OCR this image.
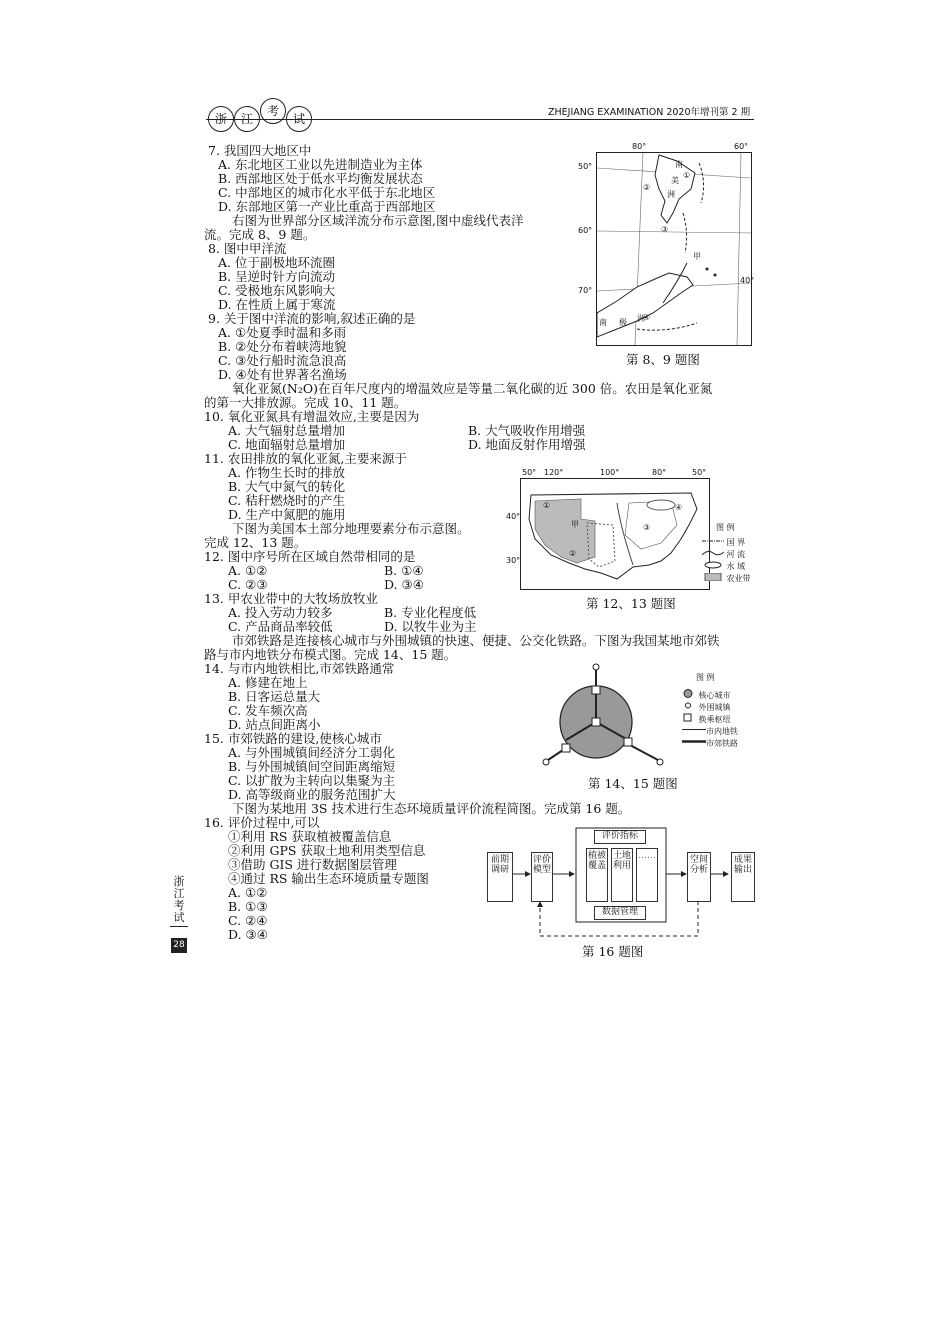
浙	江
考
试	ZHEJIANG EXAMINATION 2020年增刊第 2 期
7. 我国四大地区中
A. 东北地区工业以先进制造业为主体
B. 西部地区处于低水平均衡发展状态
C. 中部地区的城市化水平低于东北地区
D. 东部地区第一产业比重高于西部地区
右图为世界部分区域洋流分布示意图,图中虚线代表洋
流。完成 8、9 题。
8. 图中甲洋流
A. 位于副极地环流圈
B. 呈逆时针方向流动
C. 受极地东风影响大
D. 在性质上属于寒流
9. 关于图中洋流的影响,叙述正确的是
A. ①处夏季时温和多雨
B. ②处分布着峡湾地貌
C. ③处行船时流急浪高
D. ④处有世界著名渔场
氧化亚氮(N₂O)在百年尺度内的增温效应是等量二氧化碳的近 300 倍。农田是氧化亚氮
的第一大排放源。完成 10、11 题。
10. 氧化亚氮具有增温效应,主要是因为
A. 大气辐射总量增加	B. 大气吸收作用增强
C. 地面辐射总量增加	D. 地面反射作用增强
11. 农田排放的氧化亚氮,主要来源于
A. 作物生长时的排放
B. 大气中氮气的转化
C. 秸秆燃烧时的产生
D. 生产中氮肥的施用
下图为美国本土部分地理要素分布示意图。
完成 12、13 题。
12. 图中序号所在区域自然带相同的是
A. ①②	B. ①④
C. ②③	D. ③④
13. 甲农业带中的大牧场放牧业
A. 投入劳动力较多	B. 专业化程度低
C. 产品商品率较低	D. 以牧牛业为主
市郊铁路是连接核心城市与外围城镇的快速、便捷、公交化铁路。下图为我国某地市郊铁
路与市内地铁分布模式图。完成 14、15 题。
14. 与市内地铁相比,市郊铁路通常
A. 修建在地上
B. 日客运总量大
C. 发车频次高
D. 站点间距离小
15. 市郊铁路的建设,使核心城市
A. 与外围城镇间经济分工弱化
B. 与外围城镇间空间距离缩短
C. 以扩散为主转向以集聚为主
D. 高等级商业的服务范围扩大
下图为某地用 3S 技术进行生态环境质量评价流程简图。完成第 16 题。
16. 评价过程中,可以
①利用 RS 获取植被覆盖信息
②利用 GPS 获取土地利用类型信息
③借助 GIS 进行数据图层管理
④通过 RS 输出生态环境质量专题图
A. ①②
B. ①③
C. ②④
D. ③④
浙江考试
28
南
美
洲
①
②
③
④
甲
南 极 洲
80°	60°
50°
60°
70°
40°
第 8、9 题图
甲
①
②
③
④
50° 120°	100°	80°	50°
40°
30°
图 例
国 界
河 流
水 域
农业带
第 12、13 题图
图 例
核心城市
外围城镇
换乘枢纽
市内地铁
市郊铁路
第 14、15 题图
前期调研
评价模型
评价指标
植被覆盖
土地利用
……
数据管理
空间分析
成果输出
第 16 题图
